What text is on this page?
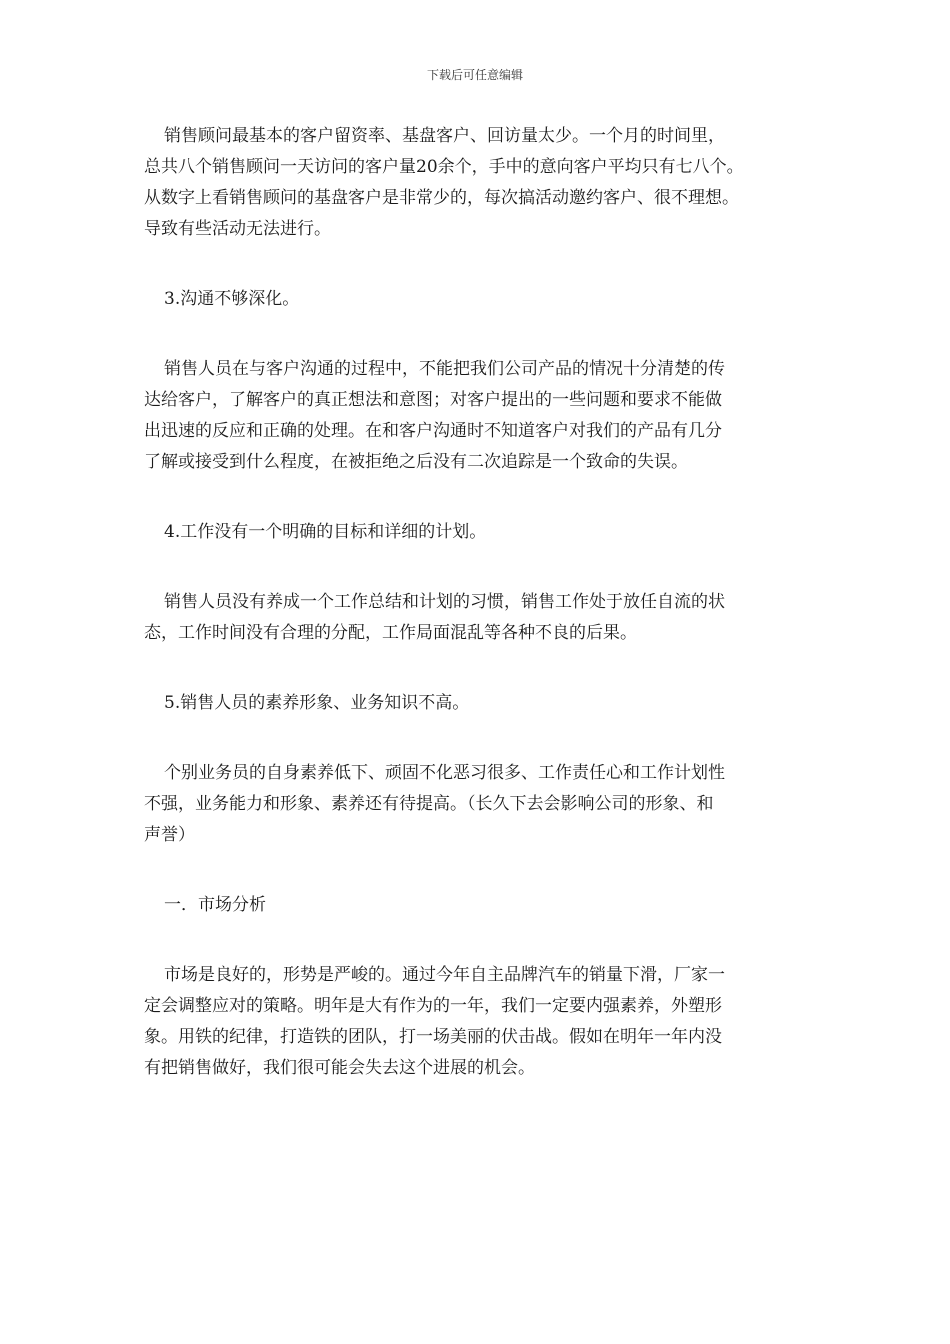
下载后可任意编辑

销售顾问最基本的客户留资率、基盘客户、回访量太少。一个月的时间里，
总共八个销售顾问一天访问的客户量20余个，手中的意向客户平均只有七八个。
从数字上看销售顾问的基盘客户是非常少的，每次搞活动邀约客户、很不理想。
导致有些活动无法进行。

3.沟通不够深化。

销售人员在与客户沟通的过程中，不能把我们公司产品的情况十分清楚的传
达给客户，了解客户的真正想法和意图；对客户提出的一些问题和要求不能做
出迅速的反应和正确的处理。在和客户沟通时不知道客户对我们的产品有几分
了解或接受到什么程度，在被拒绝之后没有二次追踪是一个致命的失误。

4.工作没有一个明确的目标和详细的计划。

销售人员没有养成一个工作总结和计划的习惯，销售工作处于放任自流的状
态，工作时间没有合理的分配，工作局面混乱等各种不良的后果。

5.销售人员的素养形象、业务知识不高。

个别业务员的自身素养低下、顽固不化恶习很多、工作责任心和工作计划性
不强，业务能力和形象、素养还有待提高。（长久下去会影响公司的形象、和
声誉）

一．市场分析

市场是良好的，形势是严峻的。通过今年自主品牌汽车的销量下滑，厂家一
定会调整应对的策略。明年是大有作为的一年，我们一定要内强素养，外塑形
象。用铁的纪律，打造铁的团队，打一场美丽的伏击战。假如在明年一年内没
有把销售做好，我们很可能会失去这个进展的机会。
